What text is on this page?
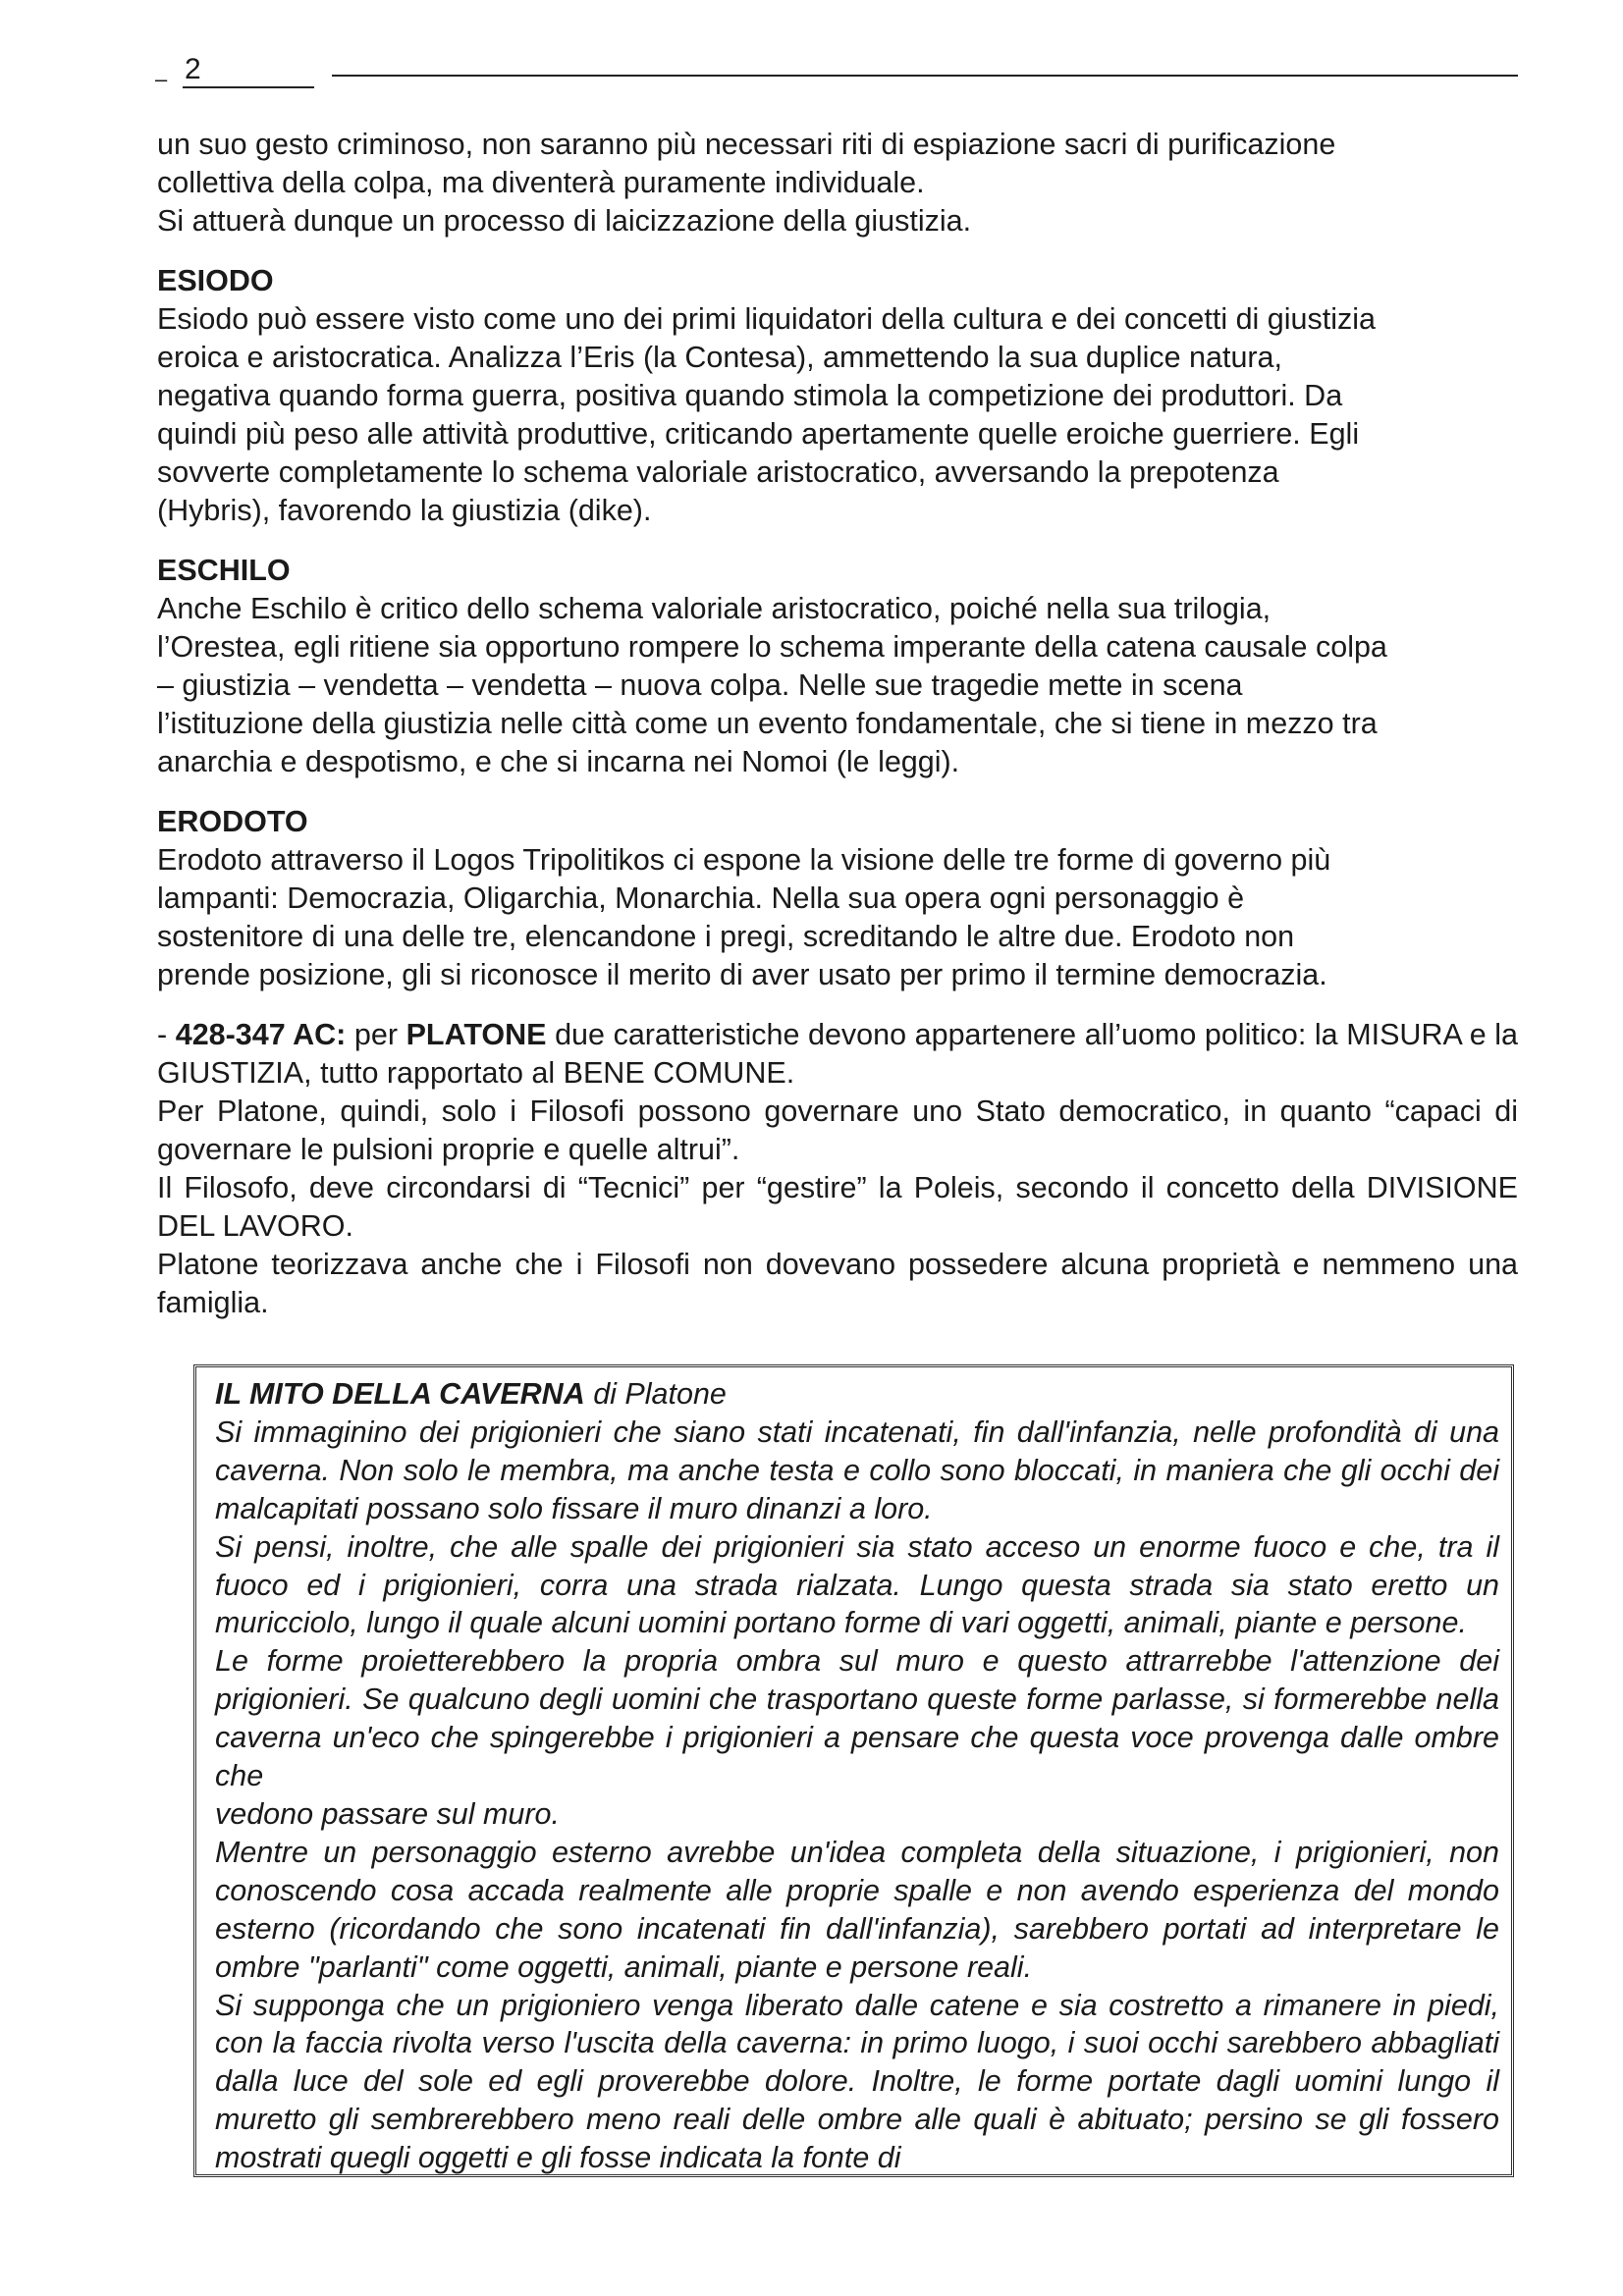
– 2

un suo gesto criminoso, non saranno più necessari riti di espiazione sacri di purificazione

collettiva della colpa, ma diventerà puramente individuale.

Si attuerà dunque un processo di laicizzazione della giustizia.

ESIODO

Esiodo può essere visto come uno dei primi liquidatori della cultura e dei concetti di giustizia

eroica e aristocratica. Analizza l’Eris (la Contesa), ammettendo la sua duplice natura,

negativa quando forma guerra, positiva quando stimola la competizione dei produttori. Da

quindi più peso alle attività produttive, criticando apertamente quelle eroiche guerriere. Egli

sovverte completamente lo schema valoriale aristocratico, avversando la prepotenza

(Hybris), favorendo la giustizia (dike).

ESCHILO

Anche Eschilo è critico dello schema valoriale aristocratico, poiché nella sua trilogia,

l’Orestea, egli ritiene sia opportuno rompere lo schema imperante della catena causale colpa

– giustizia – vendetta – vendetta – nuova colpa. Nelle sue tragedie mette in scena

l’istituzione della giustizia nelle città come un evento fondamentale, che si tiene in mezzo tra

anarchia e despotismo, e che si incarna nei Nomoi (le leggi).

ERODOTO

Erodoto attraverso il Logos Tripolitikos ci espone la visione delle tre forme di governo più

lampanti: Democrazia, Oligarchia, Monarchia. Nella sua opera ogni personaggio è

sostenitore di una delle tre, elencandone i pregi, screditando le altre due. Erodoto non

prende posizione, gli si riconosce il merito di aver usato per primo il termine democrazia.

- 428-347 AC: per PLATONE due caratteristiche devono appartenere all’uomo politico: la MISURA e la GIUSTIZIA, tutto rapportato al BENE COMUNE.

Per Platone, quindi, solo i Filosofi possono governare uno Stato democratico, in quanto “capaci di governare le pulsioni proprie e quelle altrui”.

Il Filosofo, deve circondarsi di “Tecnici” per “gestire” la Poleis, secondo il concetto della DIVISIONE DEL LAVORO.

Platone teorizzava anche che i Filosofi non dovevano possedere alcuna proprietà e nemmeno una famiglia.

IL MITO DELLA CAVERNA di Platone

Si immaginino dei prigionieri che siano stati incatenati, fin dall'infanzia, nelle profondità di una caverna. Non solo le membra, ma anche testa e collo sono bloccati, in maniera che gli occhi dei malcapitati possano solo fissare il muro dinanzi a loro.

Si pensi, inoltre, che alle spalle dei prigionieri sia stato acceso un enorme fuoco e che, tra il fuoco ed i prigionieri, corra una strada rialzata. Lungo questa strada sia stato eretto un muricciolo, lungo il quale alcuni uomini portano forme di vari oggetti, animali, piante e persone.

Le forme proietterebbero la propria ombra sul muro e questo attrarrebbe l'attenzione dei prigionieri. Se qualcuno degli uomini che trasportano queste forme parlasse, si formerebbe nella caverna un'eco che spingerebbe i prigionieri a pensare che questa voce provenga dalle ombre che

vedono passare sul muro.

Mentre un personaggio esterno avrebbe un'idea completa della situazione, i prigionieri, non conoscendo cosa accada realmente alle proprie spalle e non avendo esperienza del mondo esterno (ricordando che sono incatenati fin dall'infanzia), sarebbero portati ad interpretare le ombre "parlanti" come oggetti, animali, piante e persone reali.

Si supponga che un prigioniero venga liberato dalle catene e sia costretto a rimanere in piedi, con la faccia rivolta verso l'uscita della caverna: in primo luogo, i suoi occhi sarebbero abbagliati dalla luce del sole ed egli proverebbe dolore. Inoltre, le forme portate dagli uomini lungo il muretto gli sembrerebbero meno reali delle ombre alle quali è abituato; persino se gli fossero mostrati quegli oggetti e gli fosse indicata la fonte di
